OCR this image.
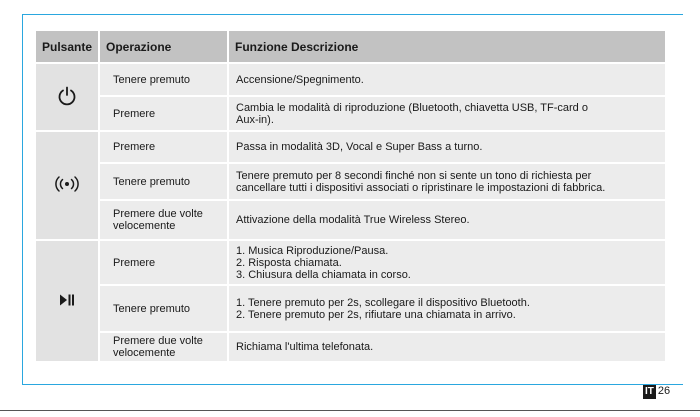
Pulsante	Operazione	Funzione Descrizione
	Tenere premuto	Accensione/Spegnimento.
	Premere	Cambia le modalità di riproduzione (Bluetooth, chiavetta USB, TF-card o
Aux-in).
	Premere	Passa in modalità 3D, Vocal e Super Bass a turno.
	Tenere premuto	Tenere premuto per 8 secondi finché non si sente un tono di richiesta per
cancellare tutti i dispositivi associati o ripristinare le impostazioni di fabbrica.
	Premere due volte
velocemente	Attivazione della modalità True Wireless Stereo.
	Premere	1. Musica Riproduzione/Pausa.
2. Risposta chiamata.
3. Chiusura della chiamata in corso.
	Tenere premuto	1. Tenere premuto per 2s, scollegare il dispositivo Bluetooth.
2. Tenere premuto per 2s, rifiutare una chiamata in arrivo.
	Premere due volte
velocemente	Richiama l'ultima telefonata.
IT 26
